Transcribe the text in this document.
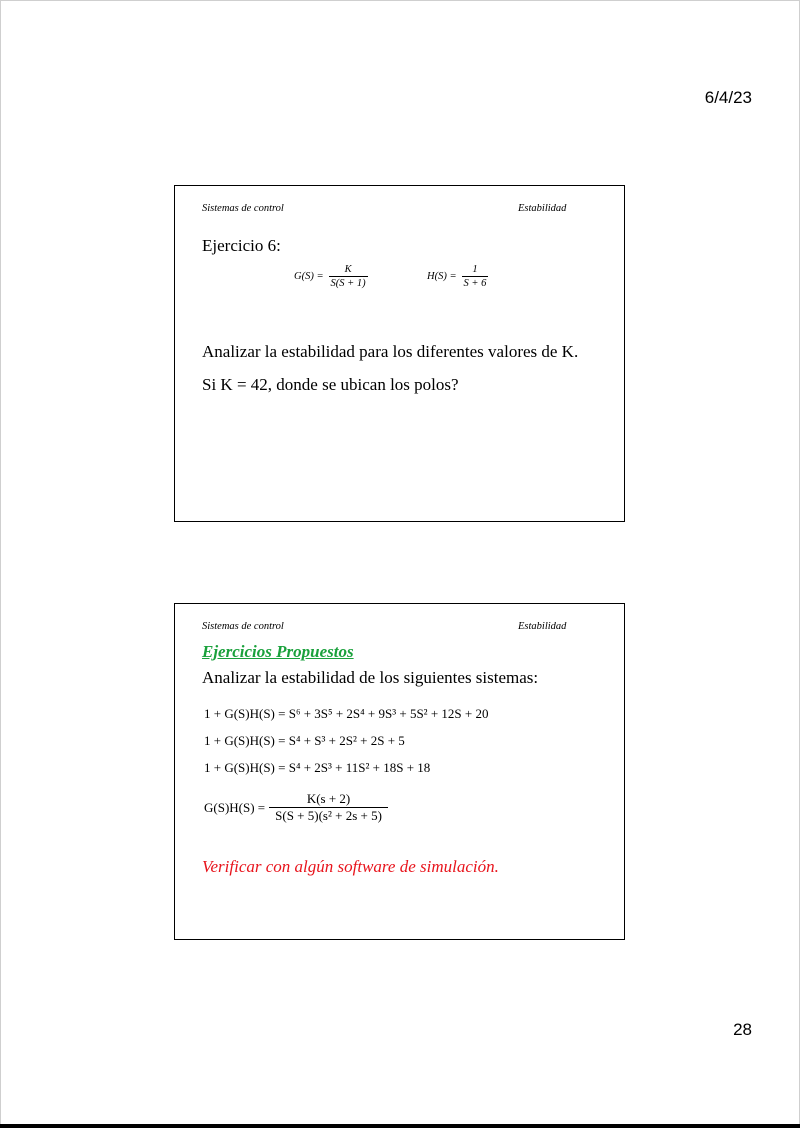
6/4/23
Sistemas de control	Estabilidad
Ejercicio 6:
$G(S) = \frac{K}{S(S + 1)}$	$H(S) = \frac{1}{S + 6}$
Analizar la estabilidad para los diferentes valores de K.
Si K = 42, donde se ubican los polos?
Sistemas de control	Estabilidad
Ejercicios Propuestos
Analizar la estabilidad de los siguientes sistemas:
1 + G(S)H(S) = S⁶ + 3S⁵ + 2S⁴ + 9S³ + 5S² + 12S + 20
1 + G(S)H(S) = S⁴ + S³ + 2S² + 2S + 5
1 + G(S)H(S) = S⁴ + 2S³ + 11S² + 18S + 18
$G(S)H(S) = \frac{K(s + 2)}{\text{S(S + 5)(s² + 2s + 5)}}$
Verificar con algún software de simulación.
28
